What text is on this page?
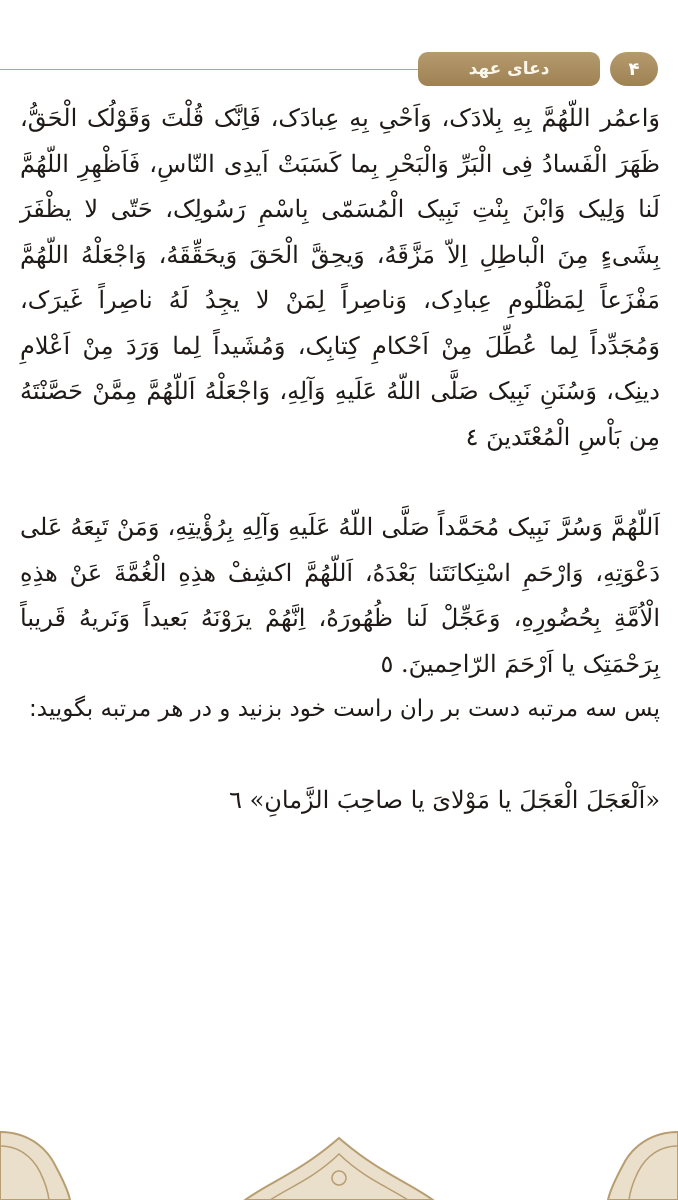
دعای عهد	۴

وَاعمُر اللّهُمَّ بِهِ بِلادَک، وَاَحْیِ بِهِ عِبادَک، فَاِنَّک قُلْتَ وَقَوْلُک الْحَقُّ، ظَهَرَ الْفَسادُ فِی الْبَرِّ وَالْبَحْرِ بِما کَسَبَتْ اَیدِی النّاسِ، فَاَظْهِرِ اللّهُمَّ لَنا وَلِیک وَابْنَ بِنْتِ نَبِیک الْمُسَمّی بِاسْمِ رَسُولِک، حَتّی لا یظْفَرَ بِشَیءٍ مِنَ الْباطِلِ اِلاّ مَزَّقَهُ، وَیحِقَّ الْحَقَ وَیحَقِّقَهُ، وَاجْعَلْهُ اللّهُمَّ مَفْزَعاً لِمَظْلُومِ عِبادِک، وَناصِراً لِمَنْ لا یجِدُ لَهُ ناصِراً غَیرَک، وَمُجَدِّداً لِما عُطِّلَ مِنْ اَحْکامِ کِتابِک، وَمُشَیداً لِما وَرَدَ مِنْ اَعْلامِ دینِک، وَسُنَنِ نَبِیک صَلَّی اللّهُ عَلَیهِ وَآلِهِ، وَاجْعَلْهُ اَللّهُمَّ مِمَّنْ حَصَّنْتَهُ مِن بَاْسِ الْمُعْتَدینَ ٤

اَللّهُمَّ وَسُرَّ نَبِیک مُحَمَّداً صَلَّی اللّهُ عَلَیهِ وَآلِهِ بِرُؤْیتِهِ، وَمَنْ تَبِعَهُ عَلی دَعْوَتِهِ، وَارْحَمِ اسْتِکانَتَنا بَعْدَهُ، اَللّهُمَّ اکشِفْ هذِهِ الْغُمَّةَ عَنْ هذِهِ الْاُمَّةِ بِحُضُورِهِ، وَعَجِّلْ لَنا ظُهُورَهُ، اِنَّهُمْ یرَوْنَهُ بَعیداً وَنَریهُ قَریباً بِرَحْمَتِک یا اَرْحَمَ الرّاحِمینَ. ٥

پس سه مرتبه دست بر ران راست خود بزنید و در هر مرتبه بگویید:

«اَلْعَجَلَ الْعَجَلَ یا مَوْلایَ یا صاحِبَ الزَّمانِ» ٦
